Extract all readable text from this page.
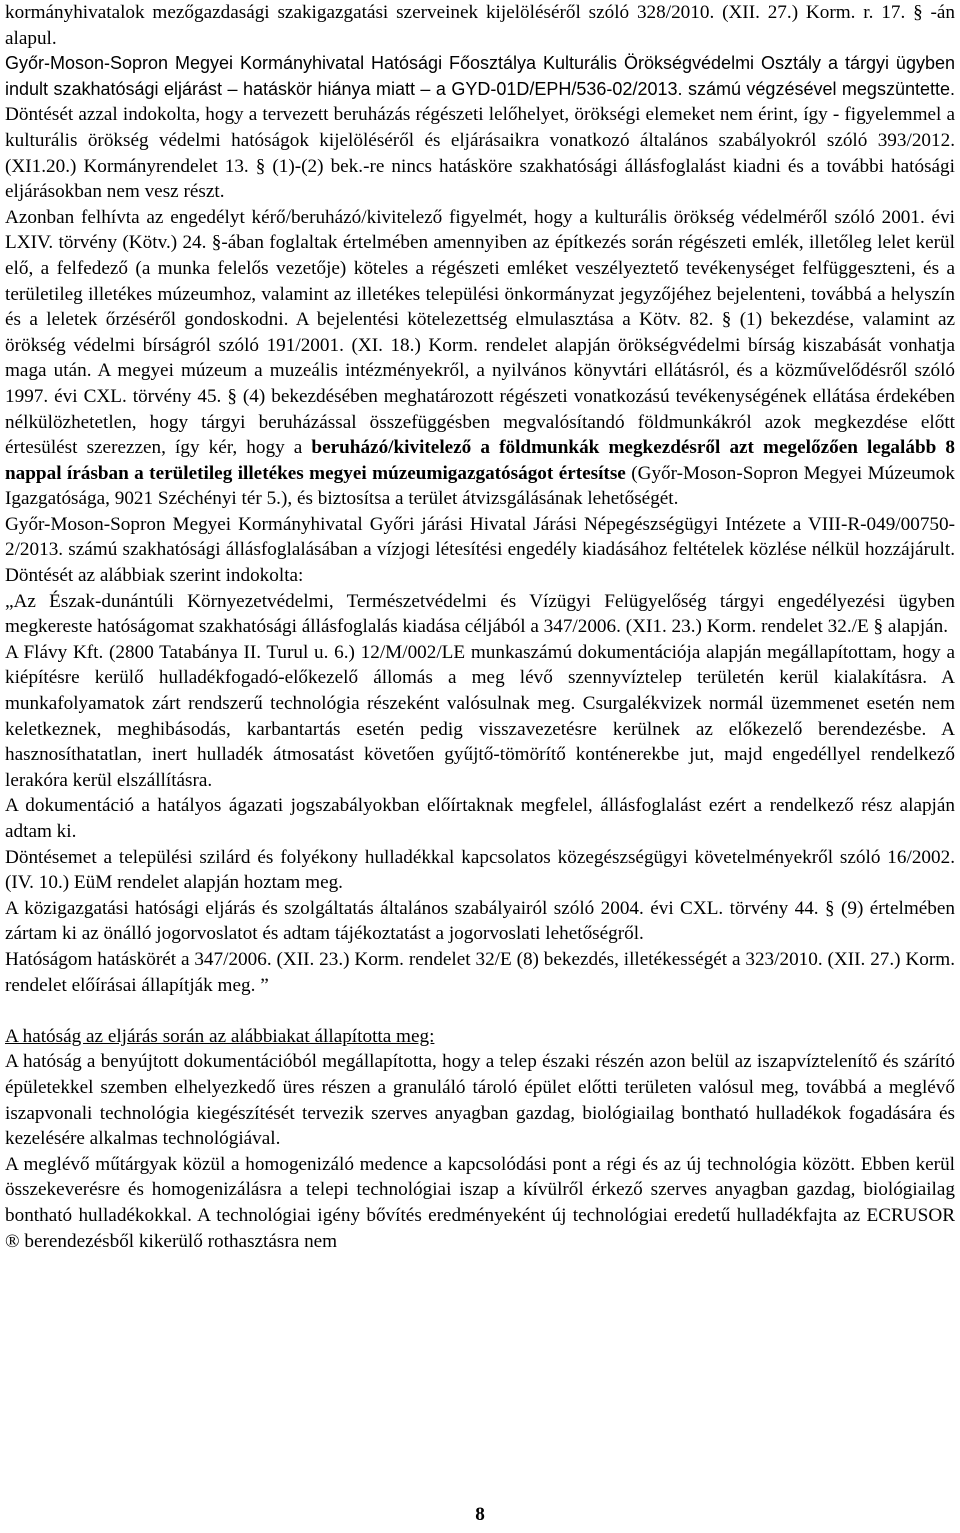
kormányhivatalok mezőgazdasági szakigazgatási szerveinek kijelöléséről szóló 328/2010. (XII. 27.) Korm. r. 17. § -án alapul.

Győr-Moson-Sopron Megyei Kormányhivatal Hatósági Főosztálya Kulturális Örökségvédelmi Osztály a tárgyi ügyben indult szakhatósági eljárást – hatáskör hiánya miatt – a GYD-01D/EPH/536-02/2013. számú végzésével megszüntette. Döntését azzal indokolta, hogy a tervezett beruházás régészeti lelőhelyet, örökségi elemeket nem érint, így - figyelemmel a kulturális örökség védelmi hatóságok kijelöléséről és eljárásaikra vonatkozó általános szabályokról szóló 393/2012. (XI1.20.) Kormányrendelet 13. § (1)-(2) bek.-re nincs hatásköre szakhatósági állásfoglalást kiadni és a további hatósági eljárásokban nem vesz részt.

Azonban felhívta az engedélyt kérő/beruházó/kivitelező figyelmét, hogy a kulturális örökség védelméről szóló 2001. évi LXIV. törvény (Kötv.) 24. §-ában foglaltak értelmében amennyiben az építkezés során régészeti emlék, illetőleg lelet kerül elő, a felfedező (a munka felelős vezetője) köteles a régészeti emléket veszélyeztető tevékenységet felfüggeszteni, és a területileg illetékes múzeumhoz, valamint az illetékes települési önkormányzat jegyzőjéhez bejelenteni, továbbá a helyszín és a leletek őrzéséről gondoskodni. A bejelentési kötelezettség elmulasztása a Kötv. 82. § (1) bekezdése, valamint az örökség védelmi bírságról szóló 191/2001. (XI. 18.) Korm. rendelet alapján örökségvédelmi bírság kiszabását vonhatja maga után. A megyei múzeum a muzeális intézményekről, a nyilvános könyvtári ellátásról, és a közművelődésről szóló 1997. évi CXL. törvény 45. § (4) bekezdésében meghatározott régészeti vonatkozású tevékenységének ellátása érdekében nélkülözhetetlen, hogy tárgyi beruházással összefüggésben megvalósítandó földmunkákról azok megkezdése előtt értesülést szerezzen, így kér, hogy a beruházó/kivitelező a földmunkák megkezdésről azt megelőzően legalább 8 nappal írásban a területileg illetékes megyei múzeumigazgatóságot értesítse (Győr-Moson-Sopron Megyei Múzeumok Igazgatósága, 9021 Széchényi tér 5.), és biztosítsa a terület átvizsgálásának lehetőségét.

Győr-Moson-Sopron Megyei Kormányhivatal Győri járási Hivatal Járási Népegészségügyi Intézete a VIII-R-049/00750-2/2013. számú szakhatósági állásfoglalásában a vízjogi létesítési engedély kiadásához feltételek közlése nélkül hozzájárult. Döntését az alábbiak szerint indokolta:

„Az Észak-dunántúli Környezetvédelmi, Természetvédelmi és Vízügyi Felügyelőség tárgyi engedélyezési ügyben megkereste hatóságomat szakhatósági állásfoglalás kiadása céljából a 347/2006. (XI1. 23.) Korm. rendelet 32./E § alapján.

A Flávy Kft. (2800 Tatabánya II. Turul u. 6.) 12/M/002/LE munkaszámú dokumentációja alapján megállapítottam, hogy a kiépítésre kerülő hulladékfogadó-előkezelő állomás a meg lévő szennyvíztelep területén kerül kialakításra. A munkafolyamatok zárt rendszerű technológia részeként valósulnak meg. Csurgalékvizek normál üzemmenet esetén nem keletkeznek, meghibásodás, karbantartás esetén pedig visszavezetésre kerülnek az előkezelő berendezésbe. A hasznosíthatatlan, inert hulladék átmosatást követően gyűjtő-tömörítő konténerekbe jut, majd engedéllyel rendelkező lerakóra kerül elszállításra.

A dokumentáció a hatályos ágazati jogszabályokban előírtaknak megfelel, állásfoglalást ezért a rendelkező rész alapján adtam ki.

Döntésemet a települési szilárd és folyékony hulladékkal kapcsolatos közegészségügyi követelményekről szóló 16/2002. (IV. 10.) EüM rendelet alapján hoztam meg.

A közigazgatási hatósági eljárás és szolgáltatás általános szabályairól szóló 2004. évi CXL. törvény 44. § (9) értelmében zártam ki az önálló jogorvoslatot és adtam tájékoztatást a jogorvoslati lehetőségről.

Hatóságom hatáskörét a 347/2006. (XII. 23.) Korm. rendelet 32/E (8) bekezdés, illetékességét a 323/2010. (XII. 27.) Korm. rendelet előírásai állapítják meg. ”

A hatóság az eljárás során az alábbiakat állapította meg:

A hatóság a benyújtott dokumentációból megállapította, hogy a telep északi részén azon belül az iszapvíztelenítő és szárító épületekkel szemben elhelyezkedő üres részen a granuláló tároló épület előtti területen valósul meg, továbbá a meglévő iszapvonali technológia kiegészítését tervezik szerves anyagban gazdag, biológiailag bontható hulladékok fogadására és kezelésére alkalmas technológiával.

A meglévő műtárgyak közül a homogenizáló medence a kapcsolódási pont a régi és az új technológia között. Ebben kerül összekeverésre és homogenizálásra a telepi technológiai iszap a kívülről érkező szerves anyagban gazdag, biológiailag bontható hulladékokkal. A technológiai igény bővítés eredményeként új technológiai eredetű hulladékfajta az ECRUSOR ® berendezésből kikerülő rothasztásra nem

8
